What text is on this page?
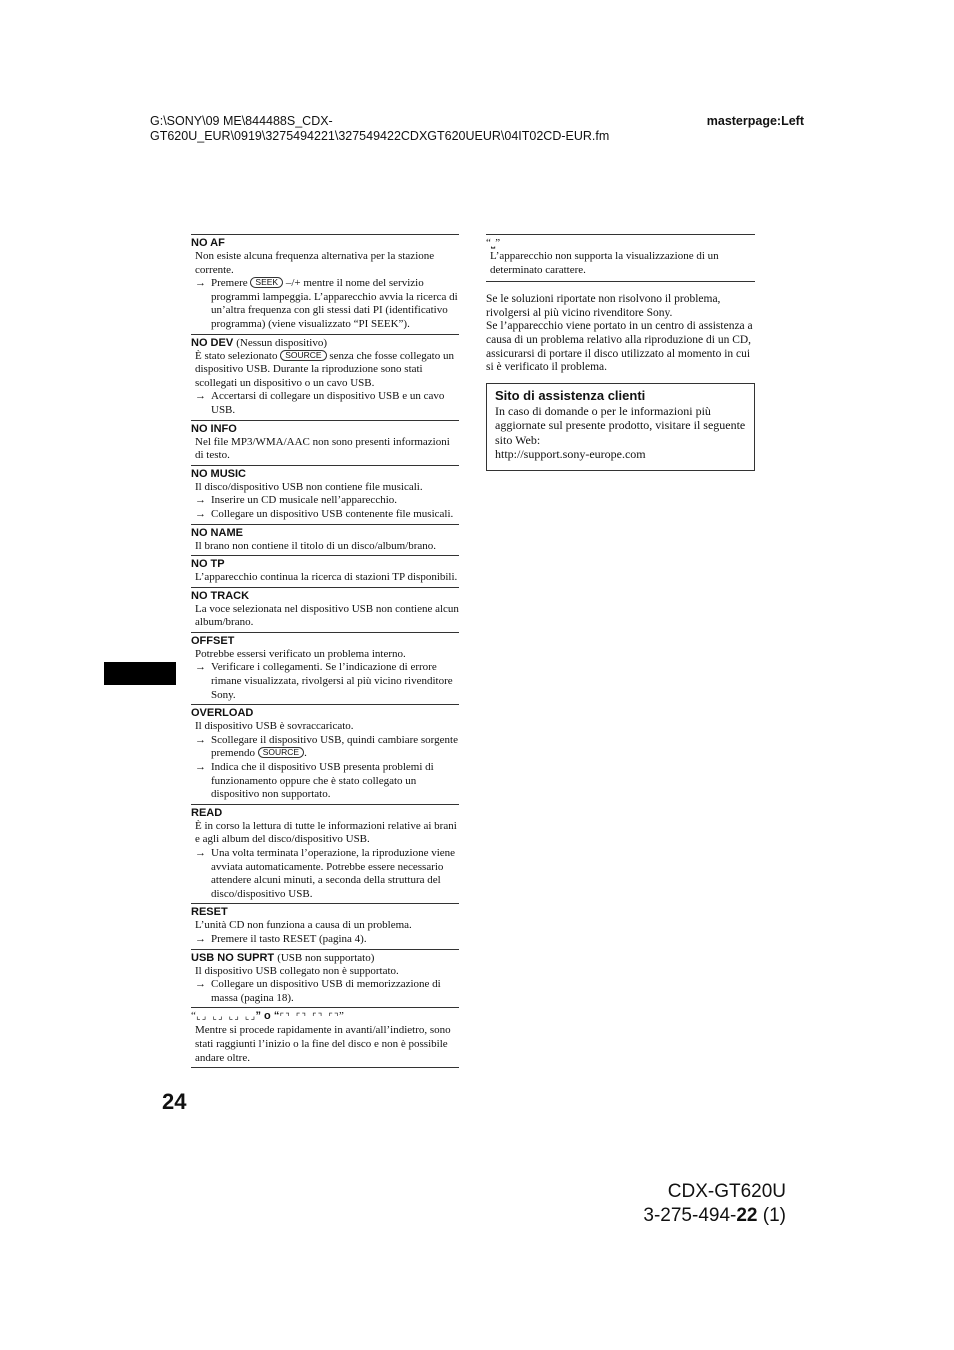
G:\SONY\09 ME\844488S_CDX-GT620U_EUR\0919\3275494221\327549422CDXGT620UEUR\04IT02CD-EUR.fm
masterpage:Left
NO AF
Non esiste alcuna frequenza alternativa per la stazione corrente.
→ Premere SEEK –/+ mentre il nome del servizio programmi lampeggia. L’apparecchio avvia la ricerca di un’altra frequenza con gli stessi dati PI (identificativo programma) (viene visualizzato “PI SEEK”).
NO DEV (Nessun dispositivo)
È stato selezionato SOURCE senza che fosse collegato un dispositivo USB. Durante la riproduzione sono stati scollegati un dispositivo o un cavo USB.
→ Accertarsi di collegare un dispositivo USB e un cavo USB.
NO INFO
Nel file MP3/WMA/AAC non sono presenti informazioni di testo.
NO MUSIC
Il disco/dispositivo USB non contiene file musicali.
→ Inserire un CD musicale nell’apparecchio.
→ Collegare un dispositivo USB contenente file musicali.
NO NAME
Il brano non contiene il titolo di un disco/album/brano.
NO TP
L’apparecchio continua la ricerca di stazioni TP disponibili.
NO TRACK
La voce selezionata nel dispositivo USB non contiene alcun album/brano.
OFFSET
Potrebbe essersi verificato un problema interno.
→ Verificare i collegamenti. Se l’indicazione di errore rimane visualizzata, rivolgersi al più vicino rivenditore Sony.
OVERLOAD
Il dispositivo USB è sovraccaricato.
→ Scollegare il dispositivo USB, quindi cambiare sorgente premendo SOURCE .
→ Indica che il dispositivo USB presenta problemi di funzionamento oppure che è stato collegato un dispositivo non supportato.
READ
È in corso la lettura di tutte le informazioni relative ai brani e agli album del disco/dispositivo USB.
→ Una volta terminata l’operazione, la riproduzione viene avviata automaticamente. Potrebbe essere necessario attendere alcuni minuti, a seconda della struttura del disco/dispositivo USB.
RESET
L’unità CD non funziona a causa di un problema.
→ Premere il tasto RESET (pagina 4).
USB NO SUPRT (USB non supportato)
Il dispositivo USB collegato non è supportato.
→ Collegare un dispositivo USB di memorizzazione di massa (pagina 18).
“⌞⌟ ⌞⌟ ⌞⌟ ⌞⌟” o “⌜⌝ ⌜⌝ ⌜⌝ ⌜⌝”
Mentre si procede rapidamente in avanti/all’indietro, sono stati raggiunti l’inizio o la fine del disco e non è possibile andare oltre.
24
“⎵”
L’apparecchio non supporta la visualizzazione di un determinato carattere.
Se le soluzioni riportate non risolvono il problema, rivolgersi al più vicino rivenditore Sony.
Se l’apparecchio viene portato in un centro di assistenza a causa di un problema relativo alla riproduzione di un CD, assicurarsi di portare il disco utilizzato al momento in cui si è verificato il problema.
Sito di assistenza clienti
In caso di domande o per le informazioni più aggiornate sul presente prodotto, visitare il seguente sito Web:
http://support.sony-europe.com
CDX-GT620U
3-275-494-22 (1)
